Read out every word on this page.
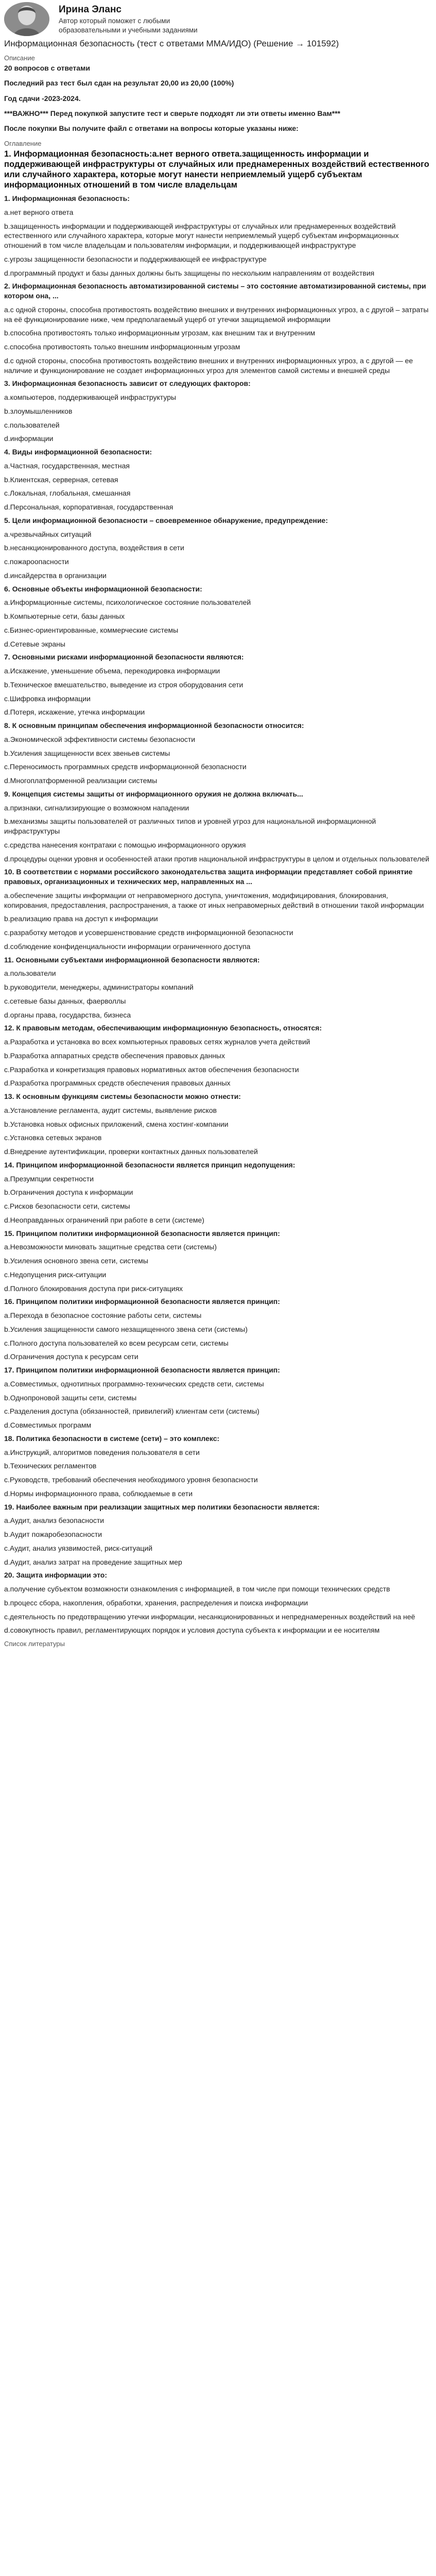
Ирина Эланс
Автор который поможет с любыми образовательными и учебными заданиями
Информационная безопасность (тест с ответами ММА/ИДО) (Решение → 101592)
Описание

20 вопросов с ответами

Последний раз тест был сдан на результат 20,00 из 20,00 (100%)

Год сдачи -2023-2024.

***ВАЖНО*** Перед покупкой запустите тест и сверьте подходят ли эти ответы именно Вам***

После покупки Вы получите файл с ответами на вопросы которые указаны ниже:

Оглавление
1. Информационная безопасность:a.нет верного ответа.защищенность информации и поддерживающей инфраструктуры от случайных или преднамеренных воздействий естественного или случайного характера, которые могут нанести неприемлемый ущерб субъектам информационных отношений в том числе владельцам
1. Информационная безопасность:
a.нет верного ответа
b.защищенность информации и поддерживающей инфраструктуры от случайных или преднамеренных воздействий естественного или случайного характера, которые могут нанести неприемлемый ущерб субъектам информационных отношений в том числе владельцам и пользователям информации, и поддерживающей инфраструктуре
c.угрозы защищенности безопасности и поддерживающей ее инфраструктуре
d.программный продукт и базы данных должны быть защищены по нескольким направлениям от воздействия
2. Информационная безопасность автоматизированной системы – это состояние автоматизированной системы, при котором она, ...
a.с одной стороны, способна противостоять воздействию внешних и внутренних информационных угроз, а с другой – затраты на её функционирование ниже, чем предполагаемый ущерб от утечки защищаемой информации
b.способна противостоять только информационным угрозам, как внешним так и внутренним
c.способна противостоять только внешним информационным угрозам
d.с одной стороны, способна противостоять воздействию внешних и внутренних информационных угроз, а с другой — ее наличие и функционирование не создает информационных угроз для элементов самой системы и внешней среды
3. Информационная безопасность зависит от следующих факторов:
a.компьютеров, поддерживающей инфраструктуры
b.злоумышленников
c.пользователей
d.информации
4. Виды информационной безопасности:
a.Частная, государственная, местная
b.Клиентская, серверная, сетевая
c.Локальная, глобальная, смешанная
d.Персональная, корпоративная, государственная
5. Цели информационной безопасности – своевременное обнаружение, предупреждение:
a.чрезвычайных ситуаций
b.несанкционированного доступа, воздействия в сети
c.пожароопасности
d.инсайдерства в организации
6. Основные объекты информационной безопасности:
a.Информационные системы, психологическое состояние пользователей
b.Компьютерные сети, базы данных
c.Бизнес-ориентированные, коммерческие системы
d.Сетевые экраны
7. Основными рисками информационной безопасности являются:
a.Искажение, уменьшение объема, перекодировка информации
b.Техническое вмешательство, выведение из строя оборудования сети
c.Шифровка информации
d.Потеря, искажение, утечка информации
8. К основным принципам обеспечения информационной безопасности относится:
a.Экономической эффективности системы безопасности
b.Усиления защищенности всех звеньев системы
c.Переносимость программных средств информационной безопасности
d.Многоплатформенной реализации системы
9. Концепция системы защиты от информационного оружия не должна включать...
a.признаки, сигнализирующие о возможном нападении
b.механизмы защиты пользователей от различных типов и уровней угроз для национальной информационной инфраструктуры
c.средства нанесения контратаки с помощью информационного оружия
d.процедуры оценки уровня и особенностей атаки против национальной инфраструктуры в целом и отдельных пользователей
10. В соответствии с нормами российского законодательства защита информации представляет собой принятие правовых, организационных и технических мер, направленных на ...
a.обеспечение защиты информации от неправомерного доступа, уничтожения, модифицирования, блокирования, копирования, предоставления, распространения, а также от иных неправомерных действий в отношении такой информации
b.реализацию права на доступ к информации
c.разработку методов и усовершенствование средств информационной безопасности
d.соблюдение конфиденциальности информации ограниченного доступа
11. Основными субъектами информационной безопасности являются:
a.пользователи
b.руководители, менеджеры, администраторы компаний
c.сетевые базы данных, фаерволлы
d.органы права, государства, бизнеса
12. К правовым методам, обеспечивающим информационную безопасность, относятся:
a.Разработка и установка во всех компьютерных правовых сетях журналов учета действий
b.Разработка аппаратных средств обеспечения правовых данных
c.Разработка и конкретизация правовых нормативных актов обеспечения безопасности
d.Разработка программных средств обеспечения правовых данных
13. К основным функциям системы безопасности можно отнести:
a.Установление регламента, аудит системы, выявление рисков
b.Установка новых офисных приложений, смена хостинг-компании
c.Установка сетевых экранов
d.Внедрение аутентификации, проверки контактных данных пользователей
14. Принципом информационной безопасности является принцип недопущения:
a.Презумпции секретности
b.Ограничения доступа к информации
c.Рисков безопасности сети, системы
d.Неоправданных ограничений при работе в сети (системе)
15. Принципом политики информационной безопасности является принцип:
a.Невозможности миновать защитные средства сети (системы)
b.Усиления основного звена сети, системы
c.Недопущения риск-ситуации
d.Полного блокирования доступа при риск-ситуациях
16. Принципом политики информационной безопасности является принцип:
a.Перехода в безопасное состояние работы сети, системы
b.Усиления защищенности самого незащищенного звена сети (системы)
c.Полного доступа пользователей ко всем ресурсам сети, системы
d.Ограничения доступа к ресурсам сети
17. Принципом политики информационной безопасности является принцип:
a.Совместимых, однотипных программно-технических средств сети, системы
b.Однопроновой защиты сети, системы
c.Разделения доступа (обязанностей, привилегий) клиентам сети (системы)
d.Совместимых программ
18. Политика безопасности в системе (сети) – это комплекс:
a.Инструкций, алгоритмов поведения пользователя в сети
b.Технических регламентов
c.Руководств, требований обеспечения необходимого уровня безопасности
d.Нормы информационного права, соблюдаемые в сети
19. Наиболее важным при реализации защитных мер политики безопасности является:
a.Аудит, анализ безопасности
b.Аудит пожаробезопасности
c.Аудит, анализ уязвимостей, риск-ситуаций
d.Аудит, анализ затрат на проведение защитных мер
20. Защита информации это:
a.получение субъектом возможности ознакомления с информацией, в том числе при помощи технических средств
b.процесс сбора, накопления, обработки, хранения, распределения и поиска информации
c.деятельность по предотвращению утечки информации, несанкционированных и непреднамеренных воздействий на неё
d.совокупность правил, регламентирующих порядок и условия доступа субъекта к информации и ее носителям
Список литературы
